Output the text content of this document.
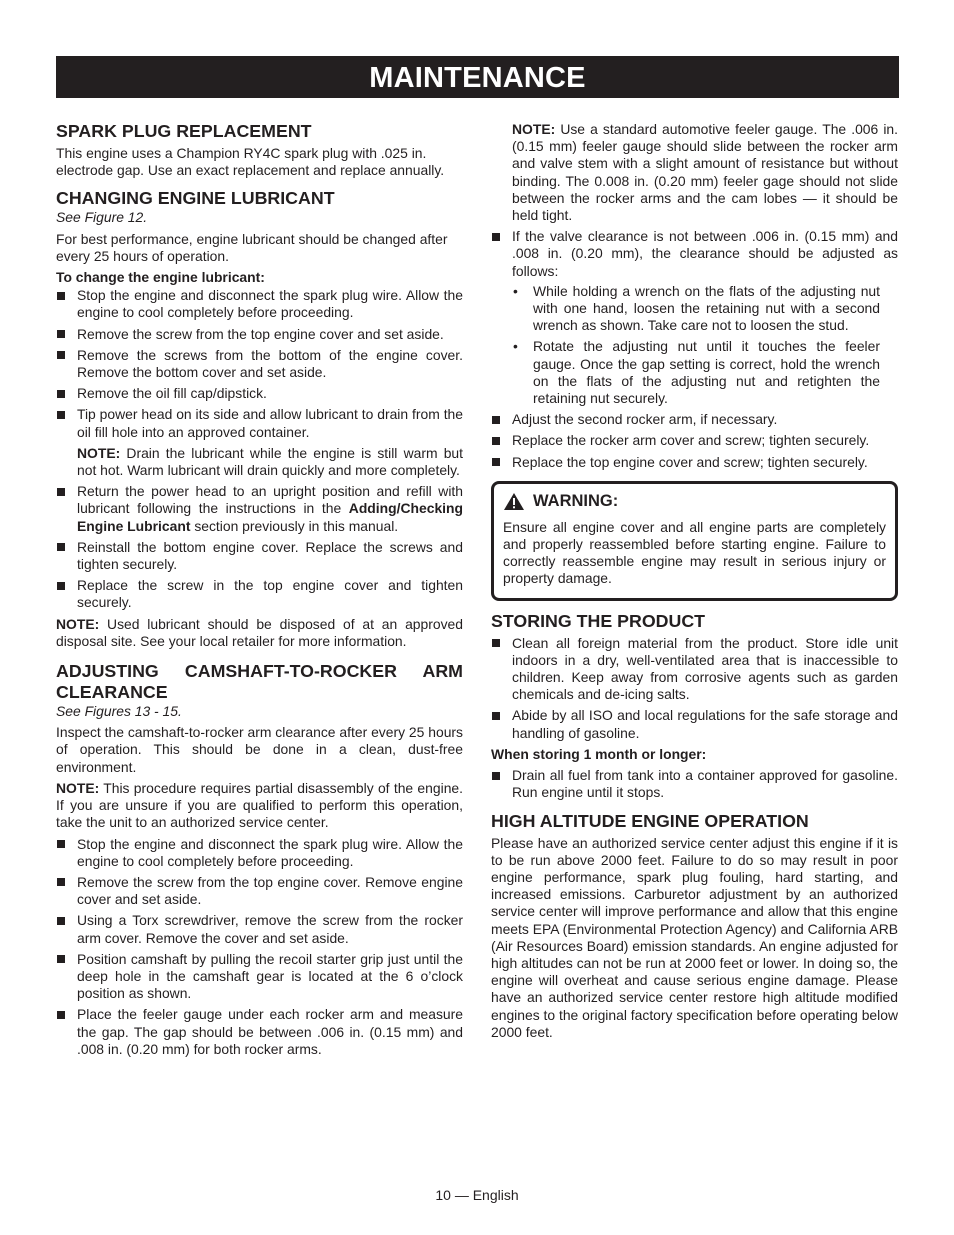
MAINTENANCE
SPARK PLUG REPLACEMENT

This engine uses a Champion RY4C spark plug with .025 in. electrode gap. Use an exact replacement and replace annually.

CHANGING ENGINE LUBRICANT
See Figure 12.

For best performance, engine lubricant should be changed after every 25 hours of operation.

To change the engine lubricant:
Stop the engine and disconnect the spark plug wire. Allow the engine to cool completely before proceeding.
Remove the screw from the top engine cover and set aside.
Remove the screws from the bottom of the engine cover. Remove the bottom cover and set aside.
Remove the oil fill cap/dipstick.
Tip power head on its side and allow lubricant to drain from the oil fill hole into an approved container.
NOTE: Drain the lubricant while the engine is still warm but not hot. Warm lubricant will drain quickly and more completely.
Return the power head to an upright position and refill with lubricant following the instructions in the Adding/Checking Engine Lubricant section previously in this manual.
Reinstall the bottom engine cover. Replace the screws and tighten securely.
Replace the screw in the top engine cover and tighten securely.

NOTE: Used lubricant should be disposed of at an approved disposal site. See your local retailer for more information.

ADJUSTING CAMSHAFT-TO-ROCKER ARM CLEARANCE
See Figures 13 - 15.

Inspect the camshaft-to-rocker arm clearance after every 25 hours of operation. This should be done in a clean, dust-free environment.

NOTE: This procedure requires partial disassembly of the engine. If you are unsure if you are qualified to perform this operation, take the unit to an authorized service center.

Stop the engine and disconnect the spark plug wire. Allow the engine to cool completely before proceeding.
Remove the screw from the top engine cover. Remove engine cover and set aside.
Using a Torx screwdriver, remove the screw from the rocker arm cover. Remove the cover and set aside.
Position camshaft by pulling the recoil starter grip just until the deep hole in the camshaft gear is located at the 6 o’clock position as shown.
Place the feeler gauge under each rocker arm and measure the gap. The gap should be between .006 in. (0.15 mm) and .008 in. (0.20 mm) for both rocker arms.

NOTE: Use a standard automotive feeler gauge. The .006 in. (0.15 mm) feeler gauge should slide between the rocker arm and valve stem with a slight amount of resistance but without binding. The 0.008 in. (0.20 mm) feeler gage should not slide between the rocker arms and the cam lobes — it should be held tight.

If the valve clearance is not between .006 in. (0.15 mm) and .008 in. (0.20 mm), the clearance should be adjusted as follows:
• While holding a wrench on the flats of the adjusting nut with one hand, loosen the retaining nut with a second wrench as shown. Take care not to loosen the stud.
• Rotate the adjusting nut until it touches the feeler gauge. Once the gap setting is correct, hold the wrench on the flats of the adjusting nut and retighten the retaining nut securely.
Adjust the second rocker arm, if necessary.
Replace the rocker arm cover and screw; tighten securely.
Replace the top engine cover and screw; tighten securely.
WARNING:

Ensure all engine cover and all engine parts are completely and properly reassembled before starting engine. Failure to correctly reassemble engine may result in serious injury or property damage.

STORING THE PRODUCT
Clean all foreign material from the product. Store idle unit indoors in a dry, well-ventilated area that is inaccessible to children. Keep away from corrosive agents such as garden chemicals and de-icing salts.
Abide by all ISO and local regulations for the safe storage and handling of gasoline.
When storing 1 month or longer:
Drain all fuel from tank into a container approved for gasoline. Run engine until it stops.
HIGH ALTITUDE ENGINE OPERATION

Please have an authorized service center adjust this engine if it is to be run above 2000 feet. Failure to do so may result in poor engine performance, spark plug fouling, hard starting, and increased emissions. Carburetor adjustment by an authorized service center will improve performance and allow that this engine meets EPA (Environmental Protection Agency) and California ARB (Air Resources Board) emission standards. An engine adjusted for high altitudes can not be run at 2000 feet or lower. In doing so, the engine will overheat and cause serious engine damage. Please have an authorized service center restore high altitude modified engines to the original factory specification before operating below 2000 feet.

10 — English
